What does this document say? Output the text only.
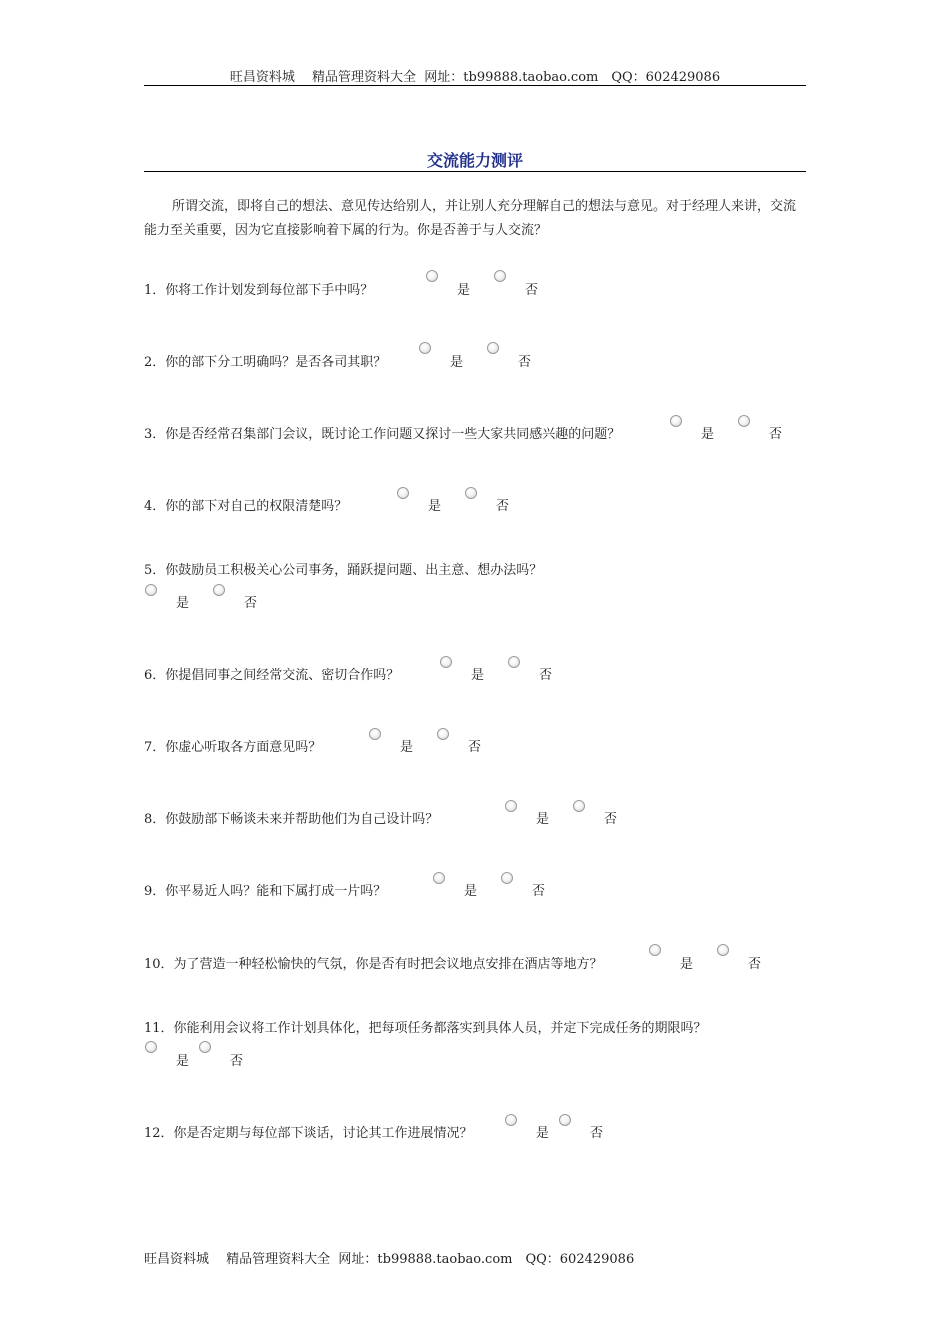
旺昌资料城　 精品管理资料大全  网址：tb99888.taobao.com　QQ：602429086
交流能力测评
所谓交流，即将自己的想法、意见传达给别人，并让别人充分理解自己的想法与意见。对于经理人来讲，交流能力至关重要，因为它直接影响着下属的行为。你是否善于与人交流？
1．你将工作计划发到每位部下手中吗？	是	否
2．你的部下分工明确吗？是否各司其职？	是	否
3．你是否经常召集部门会议，既讨论工作问题又探讨一些大家共同感兴趣的问题？	是	否
4．你的部下对自己的权限清楚吗？	是	否
5．你鼓励员工积极关心公司事务，踊跃提问题、出主意、想办法吗？
是	否
6．你提倡同事之间经常交流、密切合作吗？	是	否
7．你虚心听取各方面意见吗？	是	否
8．你鼓励部下畅谈未来并帮助他们为自己设计吗？	是	否
9．你平易近人吗？能和下属打成一片吗？	是	否
10．为了营造一种轻松愉快的气氛，你是否有时把会议地点安排在酒店等地方？	是	否
11．你能利用会议将工作计划具体化，把每项任务都落实到具体人员，并定下完成任务的期限吗？
是	否
12．你是否定期与每位部下谈话，讨论其工作进展情况？	是	否
旺昌资料城　 精品管理资料大全  网址：tb99888.taobao.com　QQ：602429086
